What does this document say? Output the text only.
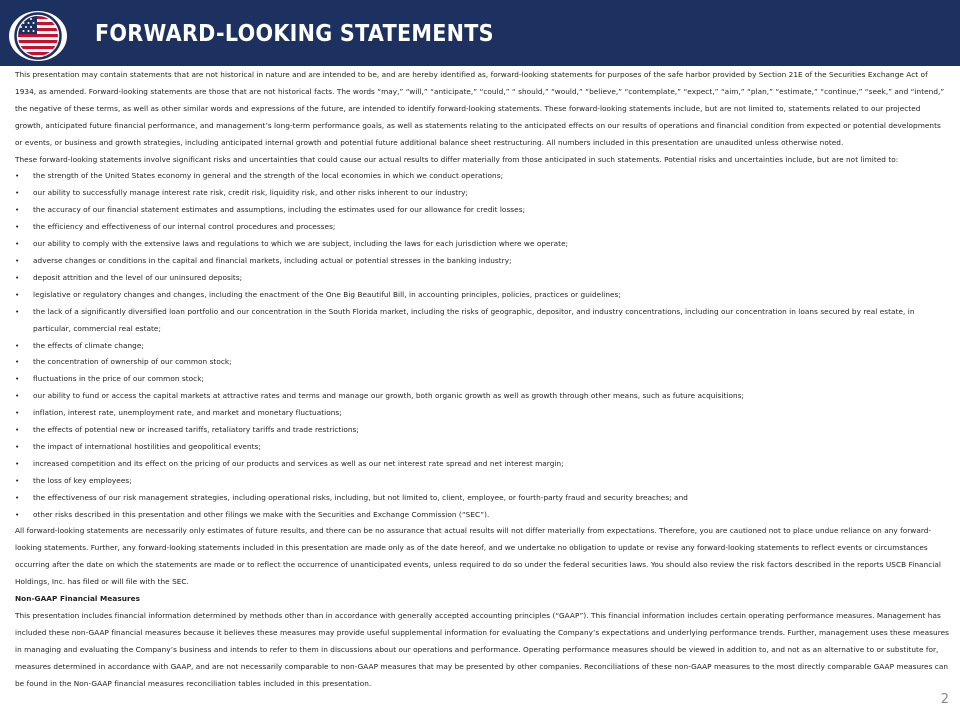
FORWARD-LOOKING STATEMENTS

This presentation may contain statements that are not historical in nature and are intended to be, and are hereby identified as, forward-looking statements for purposes of the safe harbor provided by Section 21E of the Securities Exchange Act of 1934, as amended. Forward-looking statements are those that are not historical facts. The words “may,” “will,” “anticipate,” “could,” “ should,” “would,” “believe,” “contemplate,” “expect,” “aim,” “plan,” “estimate,” “continue,” “seek,” and “intend,” the negative of these terms, as well as other similar words and expressions of the future, are intended to identify forward-looking statements. These forward-looking statements include, but are not limited to, statements related to our projected growth, anticipated future financial performance, and management’s long-term performance goals, as well as statements relating to the anticipated effects on our results of operations and financial condition from expected or potential developments or events, or business and growth strategies, including anticipated internal growth and potential future additional balance sheet restructuring. All numbers included in this presentation are unaudited unless otherwise noted.

These forward-looking statements involve significant risks and uncertainties that could cause our actual results to differ materially from those anticipated in such statements. Potential risks and uncertainties include, but are not limited to:

• the strength of the United States economy in general and the strength of the local economies in which we conduct operations;
• our ability to successfully manage interest rate risk, credit risk, liquidity risk, and other risks inherent to our industry;
• the accuracy of our financial statement estimates and assumptions, including the estimates used for our allowance for credit losses;
• the efficiency and effectiveness of our internal control procedures and processes;
• our ability to comply with the extensive laws and regulations to which we are subject, including the laws for each jurisdiction where we operate;
• adverse changes or conditions in the capital and financial markets, including actual or potential stresses in the banking industry;
• deposit attrition and the level of our uninsured deposits;
• legislative or regulatory changes and changes, including the enactment of the One Big Beautiful Bill, in accounting principles, policies, practices or guidelines;
• the lack of a significantly diversified loan portfolio and our concentration in the South Florida market, including the risks of geographic, depositor, and industry concentrations, including our concentration in loans secured by real estate, in particular, commercial real estate;
• the effects of climate change;
• the concentration of ownership of our common stock;
• fluctuations in the price of our common stock;
• our ability to fund or access the capital markets at attractive rates and terms and manage our growth, both organic growth as well as growth through other means, such as future acquisitions;
• inflation, interest rate, unemployment rate, and market and monetary fluctuations;
• the effects of potential new or increased tariffs, retaliatory tariffs and trade restrictions;
• the impact of international hostilities and geopolitical events;
• increased competition and its effect on the pricing of our products and services as well as our net interest rate spread and net interest margin;
• the loss of key employees;
• the effectiveness of our risk management strategies, including operational risks, including, but not limited to, client, employee, or fourth-party fraud and security breaches; and
• other risks described in this presentation and other filings we make with the Securities and Exchange Commission (“SEC”).

All forward-looking statements are necessarily only estimates of future results, and there can be no assurance that actual results will not differ materially from expectations. Therefore, you are cautioned not to place undue reliance on any forward-looking statements. Further, any forward-looking statements included in this presentation are made only as of the date hereof, and we undertake no obligation to update or revise any forward-looking statements to reflect events or circumstances occurring after the date on which the statements are made or to reflect the occurrence of unanticipated events, unless required to do so under the federal securities laws. You should also review the risk factors described in the reports USCB Financial Holdings, Inc. has filed or will file with the SEC.

Non-GAAP Financial Measures

This presentation includes financial information determined by methods other than in accordance with generally accepted accounting principles (“GAAP”). This financial information includes certain operating performance measures. Management has included these non-GAAP financial measures because it believes these measures may provide useful supplemental information for evaluating the Company’s expectations and underlying performance trends. Further, management uses these measures in managing and evaluating the Company’s business and intends to refer to them in discussions about our operations and performance. Operating performance measures should be viewed in addition to, and not as an alternative to or substitute for, measures determined in accordance with GAAP, and are not necessarily comparable to non-GAAP measures that may be presented by other companies. Reconciliations of these non-GAAP measures to the most directly comparable GAAP measures can be found in the Non-GAAP financial measures reconciliation tables included in this presentation.

2
